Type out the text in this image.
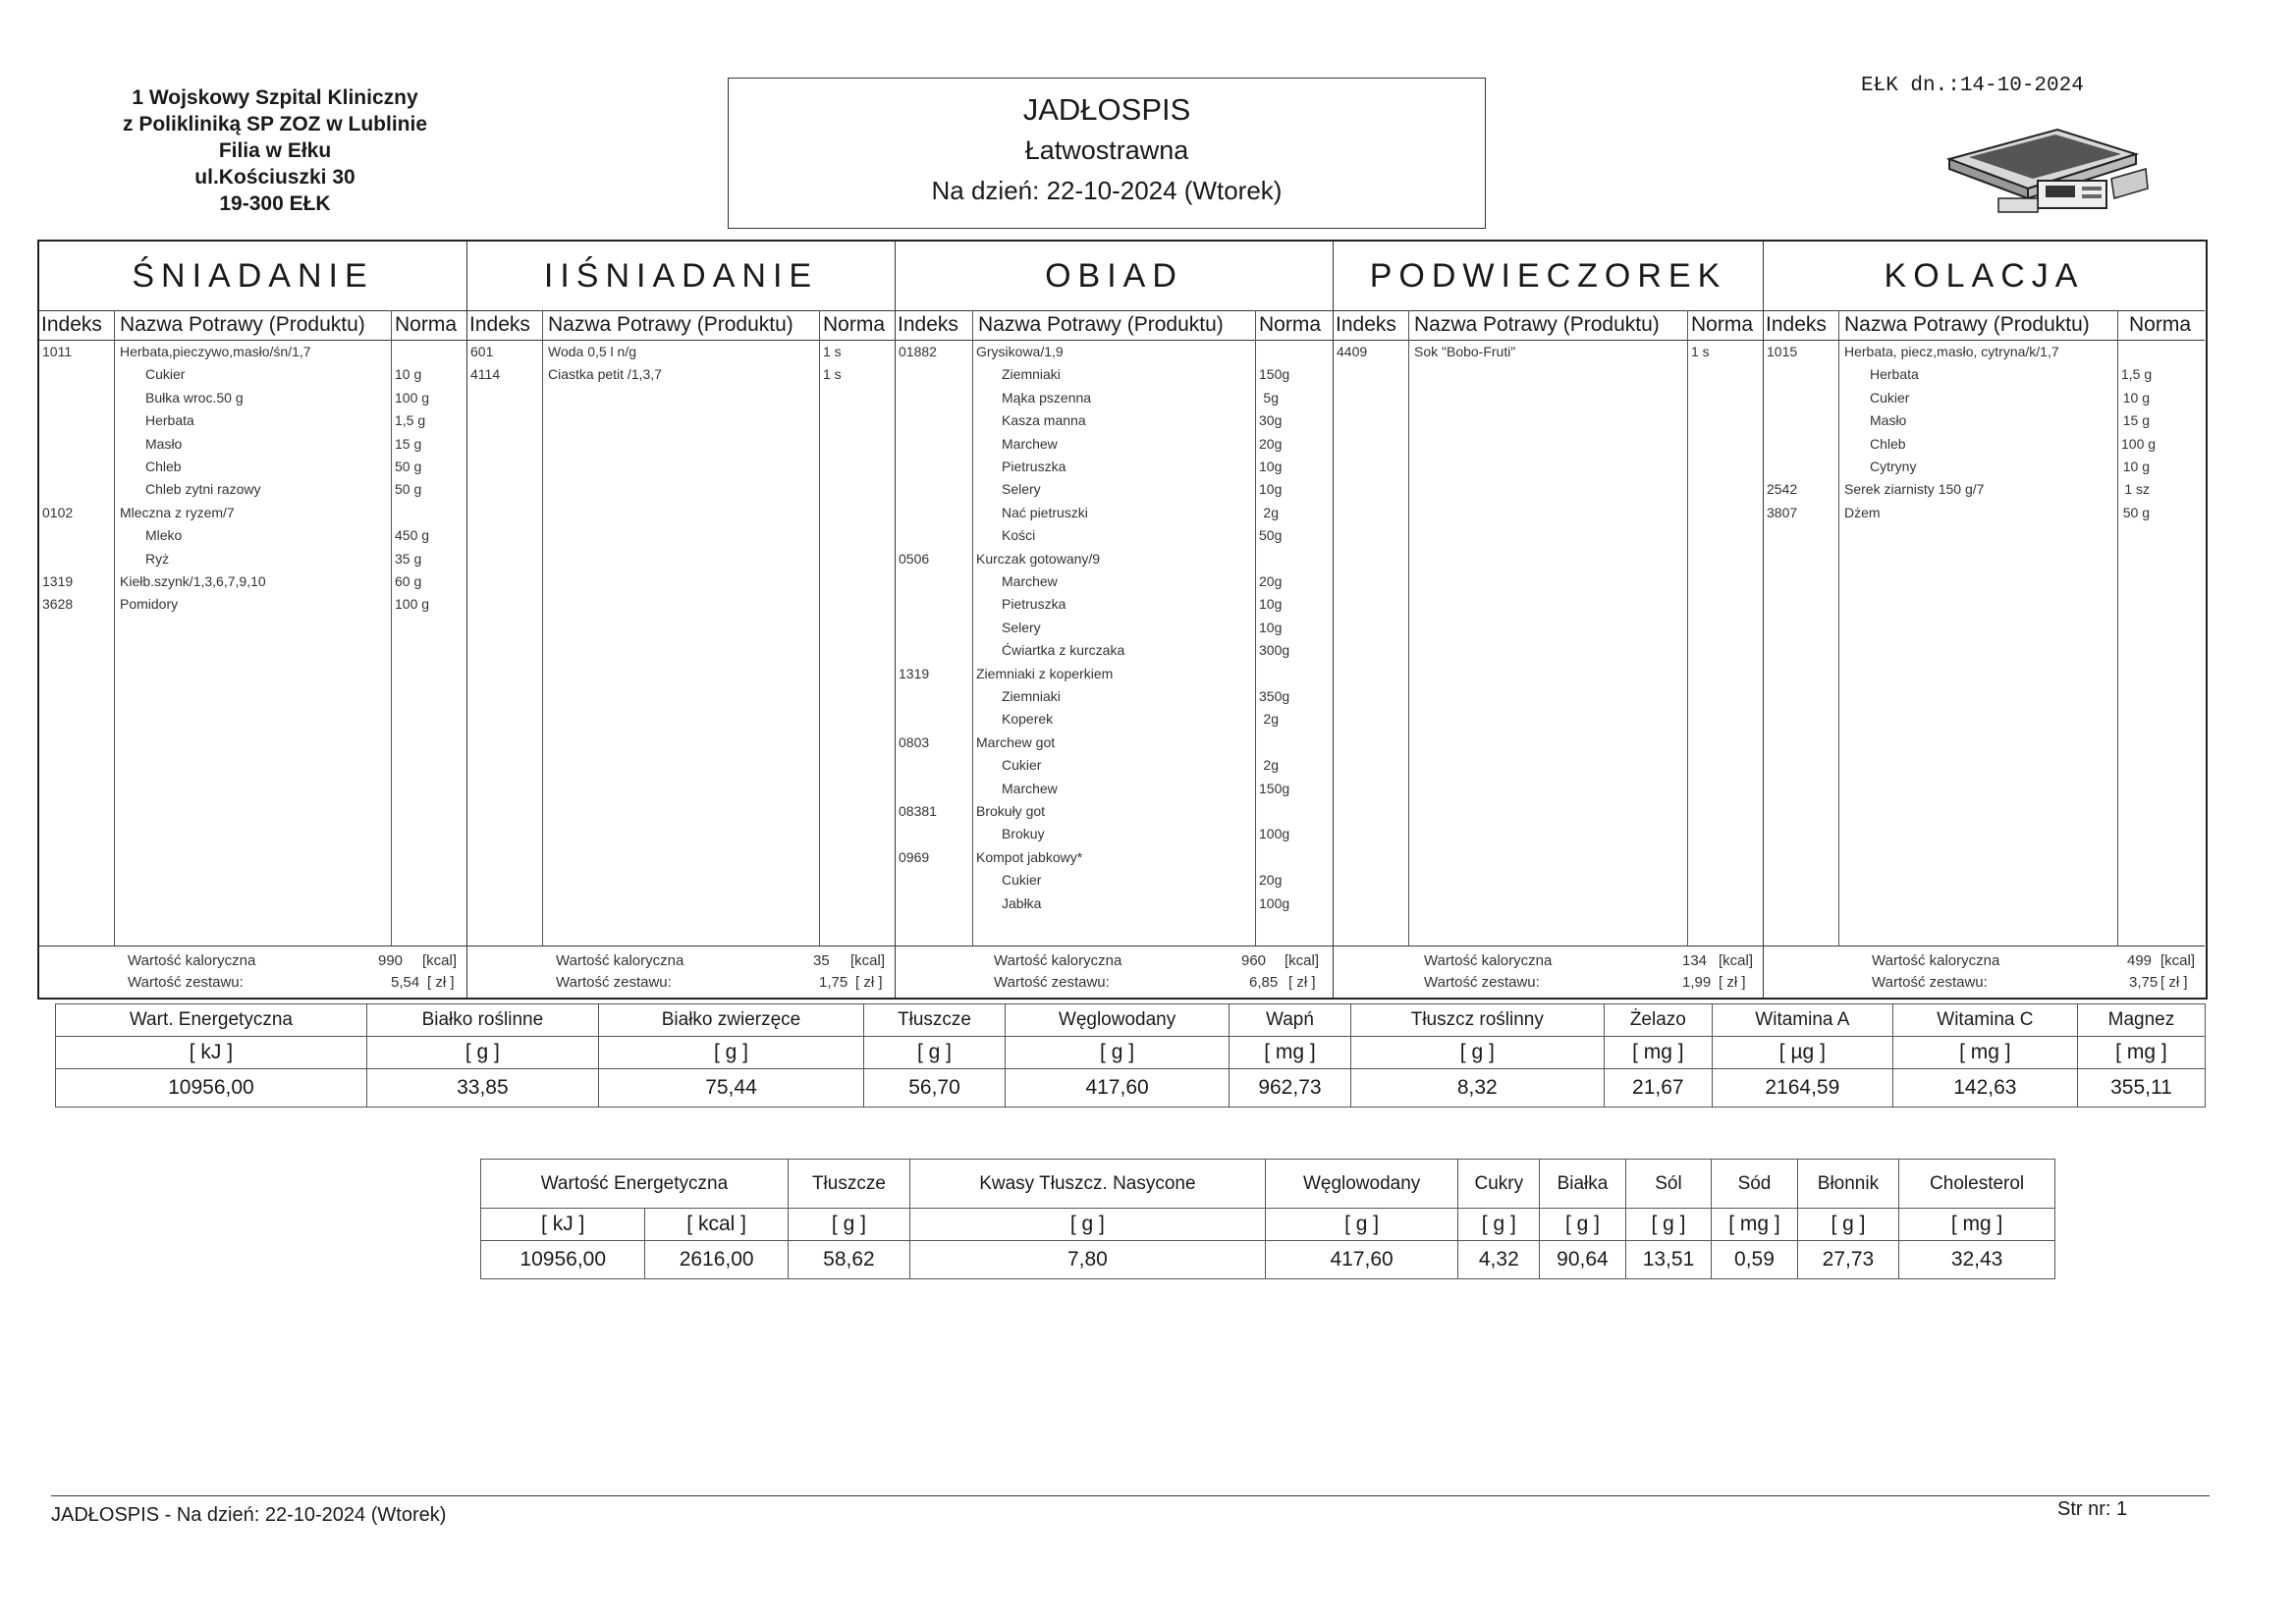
1 Wojskowy Szpital Kliniczny
z Polikliniką SP ZOZ w Lublinie
Filia w Ełku
ul.Kościuszki 30
19-300 EŁK
JADŁOSPIS
Łatwostrawna
Na dzień: 22-10-2024 (Wtorek)
EŁK dn.:14-10-2024
ŚNIADANIE
Indeks Nazwa Potrawy (Produktu) Norma
Wartość kaloryczna	990 [kcal]
Wartość zestawu:	5,54 [ zł ]
1011	Herbata,pieczywo,masło/śn/1,7
Cukier	10 g
Bułka wroc.50 g	100 g
Herbata	1,5 g
Masło	15 g
Chleb	50 g
Chleb zytni razowy	50 g
0102	Mleczna z ryzem/7
Mleko	450 g
Ryż	35 g
1319	Kiełb.szynk/1,3,6,7,9,10	60 g
3628	Pomidory	100 g
IIŚNIADANIE
Indeks Nazwa Potrawy (Produktu) Norma
Wartość kaloryczna	35 [kcal]
Wartość zestawu:	1,75 [ zł ]
601	Woda 0,5 l n/g	1 s
4114	Ciastka petit /1,3,7	1 s
OBIAD
Indeks Nazwa Potrawy (Produktu) Norma
Wartość kaloryczna	960 [kcal]
Wartość zestawu:	6,85 [ zł ]
01882	Grysikowa/1,9
Ziemniaki	150g
Mąka pszenna	5g
Kasza manna	30g
Marchew	20g
Pietruszka	10g
Selery	10g
Nać pietruszki	2g
Kości	50g
0506	Kurczak gotowany/9
Marchew	20g
Pietruszka	10g
Selery	10g
Ćwiartka z kurczaka	300g
1319	Ziemniaki z koperkiem
Ziemniaki	350g
Koperek	2g
0803	Marchew got
Cukier	2g
Marchew	150g
08381	Brokuły got
Brokuy	100g
0969	Kompot jabkowy*
Cukier	20g
Jabłka	100g
PODWIECZOREK
Indeks Nazwa Potrawy (Produktu) Norma
Wartość kaloryczna	134 [kcal]
Wartość zestawu:	1,99 [ zł ]
4409	Sok "Bobo-Fruti"	1 s
KOLACJA
Indeks Nazwa Potrawy (Produktu) Norma
Wartość kaloryczna	499 [kcal]
Wartość zestawu:	3,75 [ zł ]
1015	Herbata, piecz,masło, cytryna/k/1,7
Herbata	1,5 g
Cukier	10 g
Masło	15 g
Chleb	100 g
Cytryny	10 g
2542	Serek ziarnisty 150 g/7	1 sz
3807	Dżem	50 g
Wart. Energetyczna	Białko roślinne	Białko zwierzęce	Tłuszcze	Węglowodany	Wapń	Tłuszcz roślinny	Żelazo	Witamina A	Witamina C	Magnez
[ kJ ]	[ g ]	[ g ]	[ g ]	[ g ]	[ mg ]	[ g ]	[ mg ]	[ µg ]	[ mg ]	[ mg ]
10956,00	33,85	75,44	56,70	417,60	962,73	8,32	21,67	2164,59	142,63	355,11
Wartość Energetyczna		Tłuszcze	Kwasy Tłuszcz. Nasycone	Węglowodany	Cukry	Białka	Sól	Sód	Błonnik	Cholesterol
[ kJ ]	[ kcal ]	[ g ]	[ g ]	[ g ]	[ g ]	[ g ]	[ g ]	[ mg ]	[ g ]	[ mg ]
10956,00	2616,00	58,62	7,80	417,60	4,32	90,64	13,51	0,59	27,73	32,43
JADŁOSPIS - Na dzień: 22-10-2024 (Wtorek)	Str nr: 1
